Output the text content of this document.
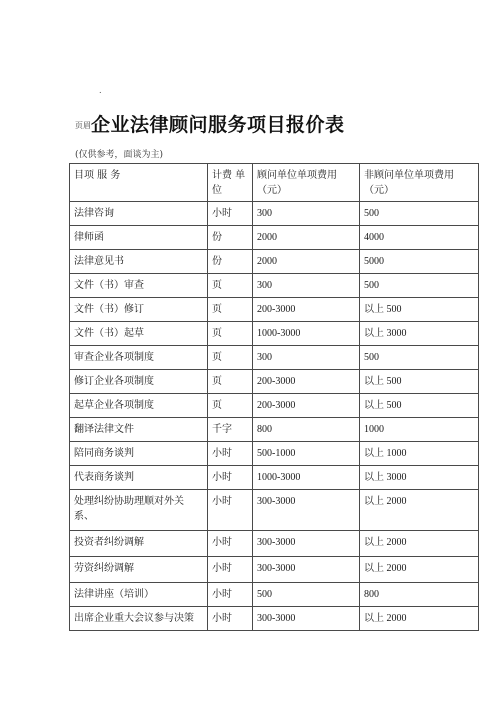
.
页眉企业法律顾问服务项目报价表
(仅供参考，面谈为主)
目项 服 务	计费 单位	顾问单位单项费用（元）	非顾问单位单项费用（元）
法律咨询	小时	300	500
律师函	份	2000	4000
法律意见书	份	2000	5000
文件（书）审查	页	300	500
文件（书）修订	页	200-3000	以上 500
文件（书）起草	页	1000-3000	以上 3000
审查企业各项制度	页	300	500
修订企业各项制度	页	200-3000	以上 500
起草企业各项制度	页	200-3000	以上 500
翻译法律文件	千字	800	1000
陪同商务谈判	小时	500-1000	以上 1000
代表商务谈判	小时	1000-3000	以上 3000
处理纠纷协助理顺对外关系、	小时	300-3000	以上 2000
投资者纠纷调解	小时	300-3000	以上 2000
劳资纠纷调解	小时	300-3000	以上 2000
法律讲座（培训）	小时	500	800
出席企业重大会议参与决策	小时	300-3000	以上 2000
